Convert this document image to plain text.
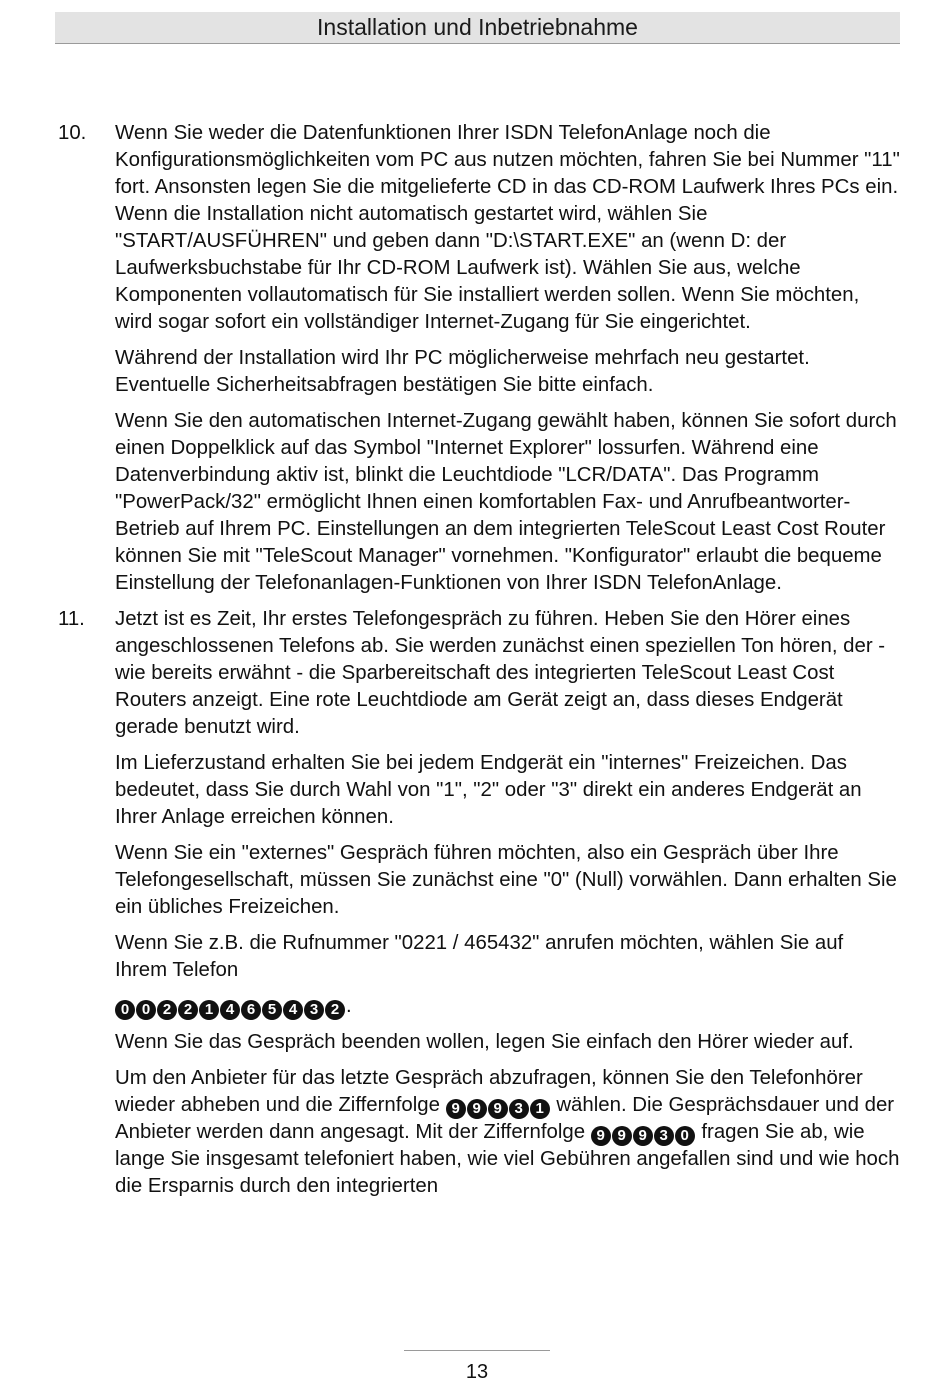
Installation und Inbetriebnahme
10. Wenn Sie weder die Datenfunktionen Ihrer ISDN TelefonAnlage noch die Konfigurationsmöglichkeiten vom PC aus nutzen möchten, fahren Sie bei Nummer "11" fort. Ansonsten legen Sie die mitgelieferte CD in das CD-ROM Laufwerk Ihres PCs ein. Wenn die Installation nicht automatisch gestartet wird, wählen Sie "START/AUSFÜHREN" und geben dann "D:\START.EXE" an (wenn D: der Laufwerksbuchstabe für Ihr CD-ROM Laufwerk ist). Wählen Sie aus, welche Komponenten vollautomatisch für Sie installiert werden sollen. Wenn Sie möchten, wird sogar sofort ein vollständiger Internet-Zugang für Sie eingerichtet.

Während der Installation wird Ihr PC möglicherweise mehrfach neu gestartet. Eventuelle Sicherheitsabfragen bestätigen Sie bitte einfach.

Wenn Sie den automatischen Internet-Zugang gewählt haben, können Sie sofort durch einen Doppelklick auf das Symbol "Internet Explorer" lossurfen. Während eine Datenverbindung aktiv ist, blinkt die Leuchtdiode "LCR/DATA". Das Programm "PowerPack/32" ermöglicht Ihnen einen komfortablen Fax- und Anrufbeantworter-Betrieb auf Ihrem PC. Einstellungen an dem integrierten TeleScout Least Cost Router können Sie mit "TeleScout Manager" vornehmen. "Konfigurator" erlaubt die bequeme Einstellung der Telefonanlagen-Funktionen von Ihrer ISDN TelefonAnlage.

11. Jetzt ist es Zeit, Ihr erstes Telefongespräch zu führen. Heben Sie den Hörer eines angeschlossenen Telefons ab. Sie werden zunächst einen speziellen Ton hören, der - wie bereits erwähnt - die Sparbereitschaft des integrierten TeleScout Least Cost Routers anzeigt. Eine rote Leuchtdiode am Gerät zeigt an, dass dieses Endgerät gerade benutzt wird.

Im Lieferzustand erhalten Sie bei jedem Endgerät ein "internes" Freizeichen. Das bedeutet, dass Sie durch Wahl von "1", "2" oder "3" direkt ein anderes Endgerät an Ihrer Anlage erreichen können.

Wenn Sie ein "externes" Gespräch führen möchten, also ein Gespräch über Ihre Telefongesellschaft, müssen Sie zunächst eine "0" (Null) vorwählen. Dann erhalten Sie ein übliches Freizeichen.

Wenn Sie z.B. die Rufnummer "0221 / 465432" anrufen möchten, wählen Sie auf Ihrem Telefon

0 0 2 2 1 4 6 5 4 3 2 .

Wenn Sie das Gespräch beenden wollen, legen Sie einfach den Hörer wieder auf.

Um den Anbieter für das letzte Gespräch abzufragen, können Sie den Telefonhörer wieder abheben und die Ziffernfolge 9 9 9 3 1 wählen. Die Gesprächsdauer und der Anbieter werden dann angesagt. Mit der Ziffernfolge 9 9 9 3 0 fragen Sie ab, wie lange Sie insgesamt telefoniert haben, wie viel Gebühren angefallen sind und wie hoch die Ersparnis durch den integrierten

13
